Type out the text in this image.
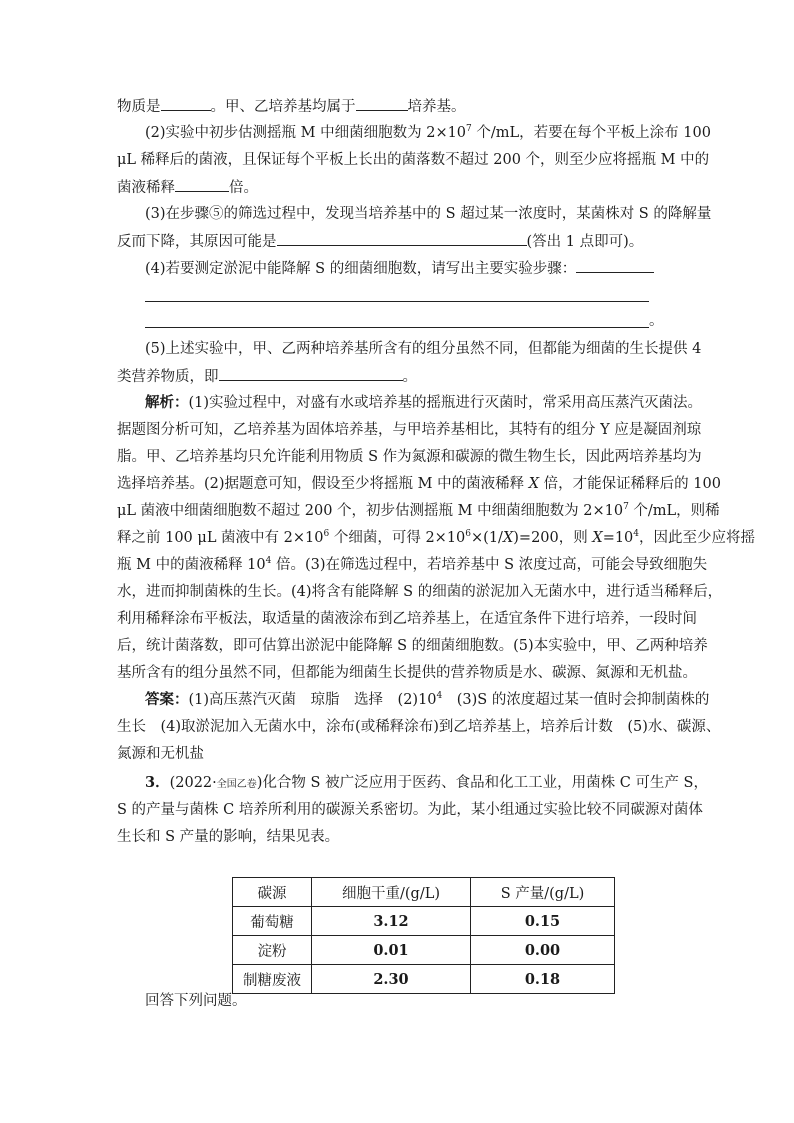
物质是	。甲、乙培养基均属于	培养基。
(2)实验中初步估测摇瓶 M 中细菌细胞数为 $2\times 10^7$ 个/mL，若要在每个平板上涂布 100
μL 稀释后的菌液，且保证每个平板上长出的菌落数不超过 200 个，则至少应将摇瓶 M 中的
菌液稀释	倍。
(3)在步骤⑤的筛选过程中，发现当培养基中的 S 超过某一浓度时，某菌株对 S 的降解量
反而下降，其原因可能是	(答出 1 点即可)。
(4)若要测定淤泥中能降解 S 的细菌细胞数，请写出主要实验步骤：
。
(5)上述实验中，甲、乙两种培养基所含有的组分虽然不同，但都能为细菌的生长提供 4
类营养物质，即	。
解析：(1)实验过程中，对盛有水或培养基的摇瓶进行灭菌时，常采用高压蒸汽灭菌法。
据题图分析可知，乙培养基为固体培养基，与甲培养基相比，其特有的组分 Y 应是凝固剂琼
脂。甲、乙培养基均只允许能利用物质 S 作为氮源和碳源的微生物生长，因此两培养基均为
选择培养基。(2)据题意可知，假设至少将摇瓶 M 中的菌液稀释 X 倍，才能保证稀释后的 100
μL 菌液中细菌细胞数不超过 200 个，初步估测摇瓶 M 中细菌细胞数为 $2\times 10^7$ 个/mL，则稀
释之前 100 μL 菌液中有 $2\times 10^6$ 个细菌，可得 $2\times 10^6\times(1/X)=200$，则 $X=10^4$，因此至少应将摇
瓶 M 中的菌液稀释 $10^4$ 倍。(3)在筛选过程中，若培养基中 S 浓度过高，可能会导致细胞失
水，进而抑制菌株的生长。(4)将含有能降解 S 的细菌的淤泥加入无菌水中，进行适当稀释后，
利用稀释涂布平板法，取适量的菌液涂布到乙培养基上，在适宜条件下进行培养，一段时间
后，统计菌落数，即可估算出淤泥中能降解 S 的细菌细胞数。(5)本实验中，甲、乙两种培养
基所含有的组分虽然不同，但都能为细菌生长提供的营养物质是水、碳源、氮源和无机盐。
答案：(1)高压蒸汽灭菌　琼脂　选择　$(2)10^4$　(3)S 的浓度超过某一值时会抑制菌株的
生长　(4)取淤泥加入无菌水中，涂布(或稀释涂布)到乙培养基上，培养后计数　(5)水、碳源、
氮源和无机盐
3．(2022·全国乙卷)化合物 S 被广泛应用于医药、食品和化工工业，用菌株 C 可生产 S，
S 的产量与菌株 C 培养所利用的碳源关系密切。为此，某小组通过实验比较不同碳源对菌体
生长和 S 产量的影响，结果见表。
碳源	细胞干重/(g/L)	S 产量/(g/L)
葡萄糖	3.12	0.15
淀粉	0.01	0.00
制糖废液	2.30	0.18
回答下列问题。
